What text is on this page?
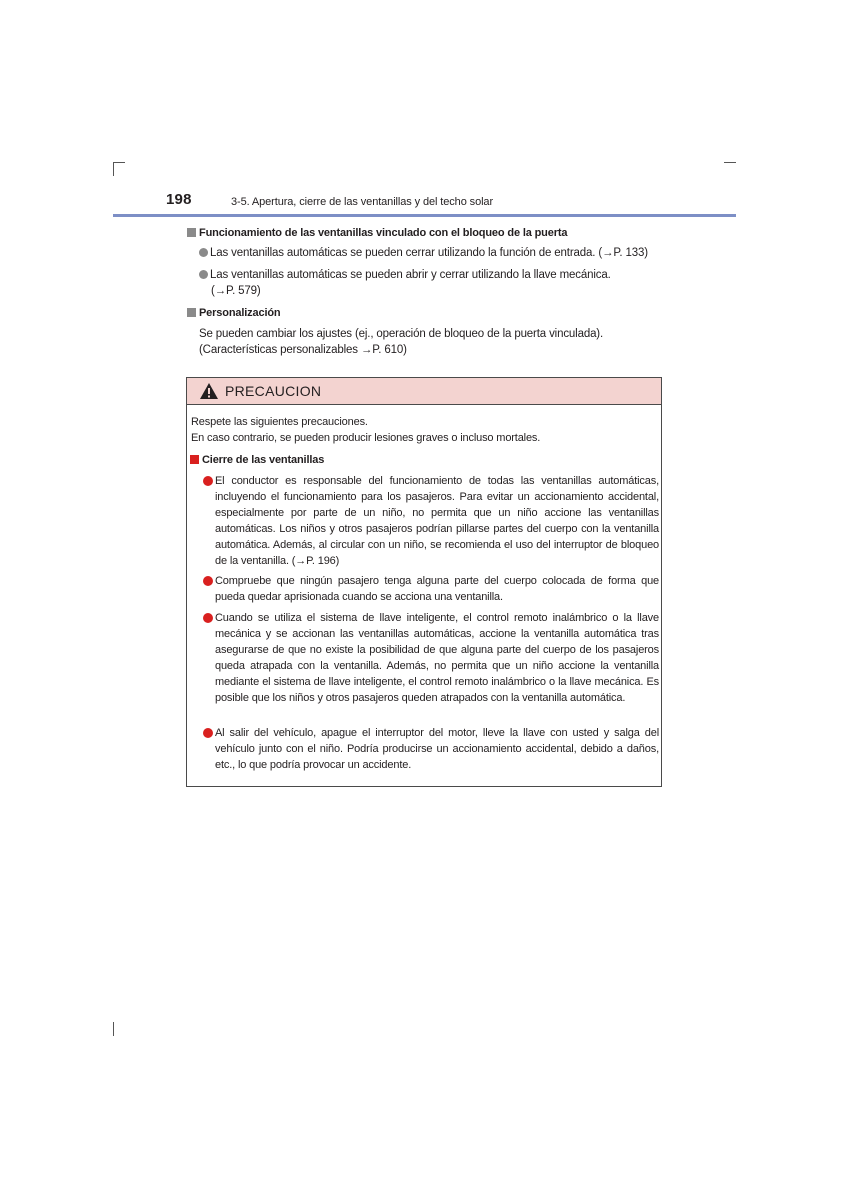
198	3-5. Apertura, cierre de las ventanillas y del techo solar
Funcionamiento de las ventanillas vinculado con el bloqueo de la puerta
Las ventanillas automáticas se pueden cerrar utilizando la función de entrada. (→P. 133)
Las ventanillas automáticas se pueden abrir y cerrar utilizando la llave mecánica.
(→P. 579)
Personalización
Se pueden cambiar los ajustes (ej., operación de bloqueo de la puerta vinculada).
(Características personalizables →P. 610)
PRECAUCION
Respete las siguientes precauciones.
En caso contrario, se pueden producir lesiones graves o incluso mortales.
Cierre de las ventanillas
El conductor es responsable del funcionamiento de todas las ventanillas automáticas, incluyendo el funcionamiento para los pasajeros. Para evitar un accionamiento accidental, especialmente por parte de un niño, no permita que un niño accione las ventanillas automáticas. Los niños y otros pasajeros podrían pillarse partes del cuerpo con la ventanilla automática. Además, al circular con un niño, se recomienda el uso del interruptor de bloqueo de la ventanilla. (→P. 196)
Compruebe que ningún pasajero tenga alguna parte del cuerpo colocada de forma que pueda quedar aprisionada cuando se acciona una ventanilla.
Cuando se utiliza el sistema de llave inteligente, el control remoto inalámbrico o la llave mecánica y se accionan las ventanillas automáticas, accione la ventanilla automática tras asegurarse de que no existe la posibilidad de que alguna parte del cuerpo de los pasajeros queda atrapada con la ventanilla. Además, no permita que un niño accione la ventanilla mediante el sistema de llave inteligente, el control remoto inalámbrico o la llave mecánica. Es posible que los niños y otros pasajeros queden atrapados con la ventanilla automática.
Al salir del vehículo, apague el interruptor del motor, lleve la llave con usted y salga del vehículo junto con el niño. Podría producirse un accionamiento accidental, debido a daños, etc., lo que podría provocar un accidente.
